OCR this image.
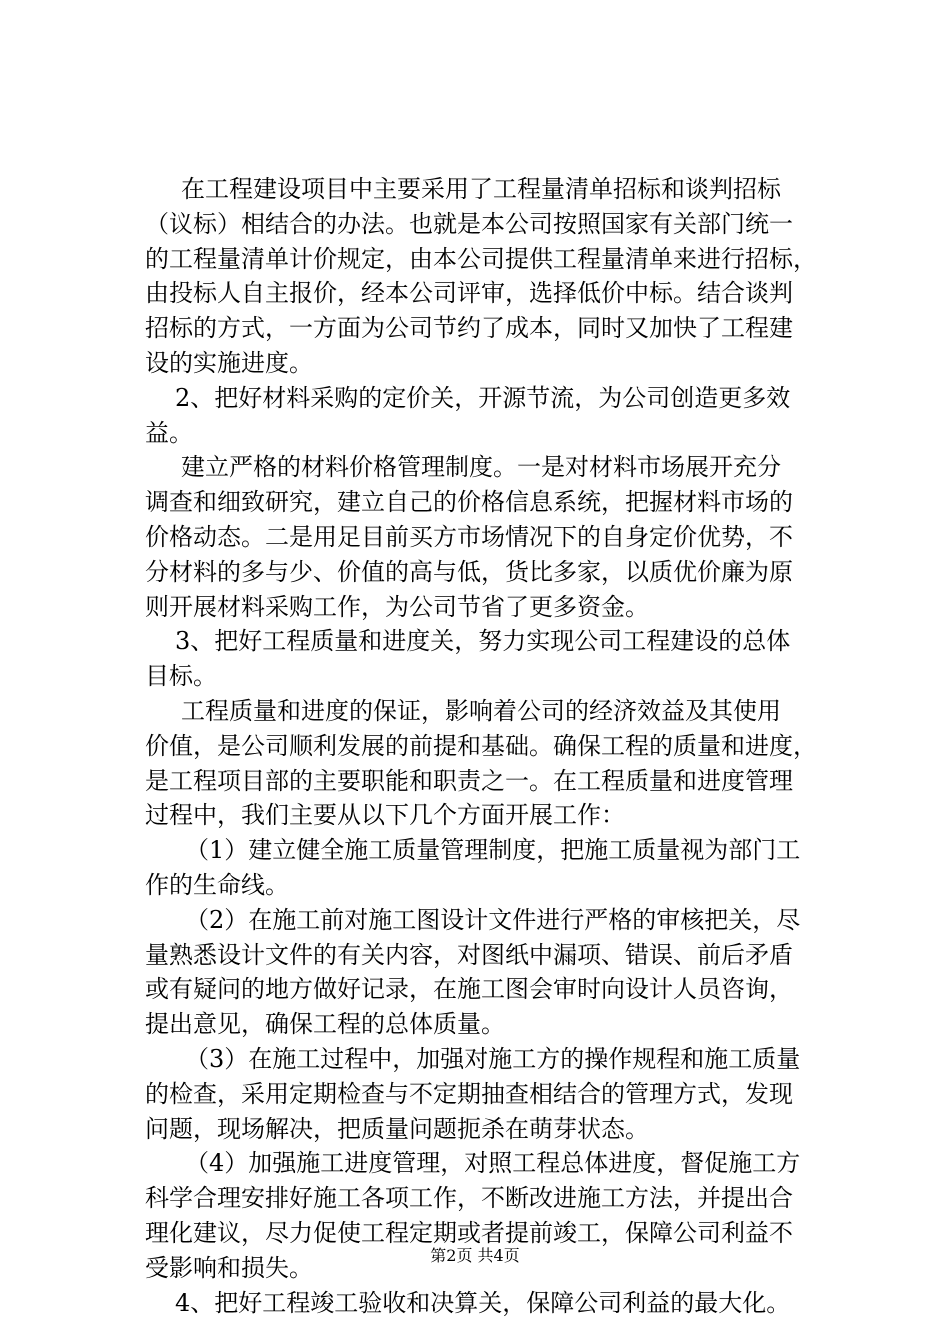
在工程建设项目中主要采用了工程量清单招标和谈判招标
（议标）相结合的办法。也就是本公司按照国家有关部门统一
的工程量清单计价规定，由本公司提供工程量清单来进行招标，
由投标人自主报价，经本公司评审，选择低价中标。结合谈判
招标的方式，一方面为公司节约了成本，同时又加快了工程建
设的实施进度。
2、把好材料采购的定价关，开源节流，为公司创造更多效
益。
建立严格的材料价格管理制度。一是对材料市场展开充分
调查和细致研究，建立自己的价格信息系统，把握材料市场的
价格动态。二是用足目前买方市场情况下的自身定价优势，不
分材料的多与少、价值的高与低，货比多家，以质优价廉为原
则开展材料采购工作，为公司节省了更多资金。
3、把好工程质量和进度关，努力实现公司工程建设的总体
目标。
工程质量和进度的保证，影响着公司的经济效益及其使用
价值，是公司顺利发展的前提和基础。确保工程的质量和进度，
是工程项目部的主要职能和职责之一。在工程质量和进度管理
过程中，我们主要从以下几个方面开展工作：
（1）建立健全施工质量管理制度，把施工质量视为部门工
作的生命线。
（2）在施工前对施工图设计文件进行严格的审核把关，尽
量熟悉设计文件的有关内容，对图纸中漏项、错误、前后矛盾
或有疑问的地方做好记录，在施工图会审时向设计人员咨询，
提出意见，确保工程的总体质量。
（3）在施工过程中，加强对施工方的操作规程和施工质量
的检查，采用定期检查与不定期抽查相结合的管理方式，发现
问题，现场解决，把质量问题扼杀在萌芽状态。
（4）加强施工进度管理，对照工程总体进度，督促施工方
科学合理安排好施工各项工作，不断改进施工方法，并提出合
理化建议，尽力促使工程定期或者提前竣工，保障公司利益不
受影响和损失。
4、把好工程竣工验收和决算关，保障公司利益的最大化。
第2页 共4页
